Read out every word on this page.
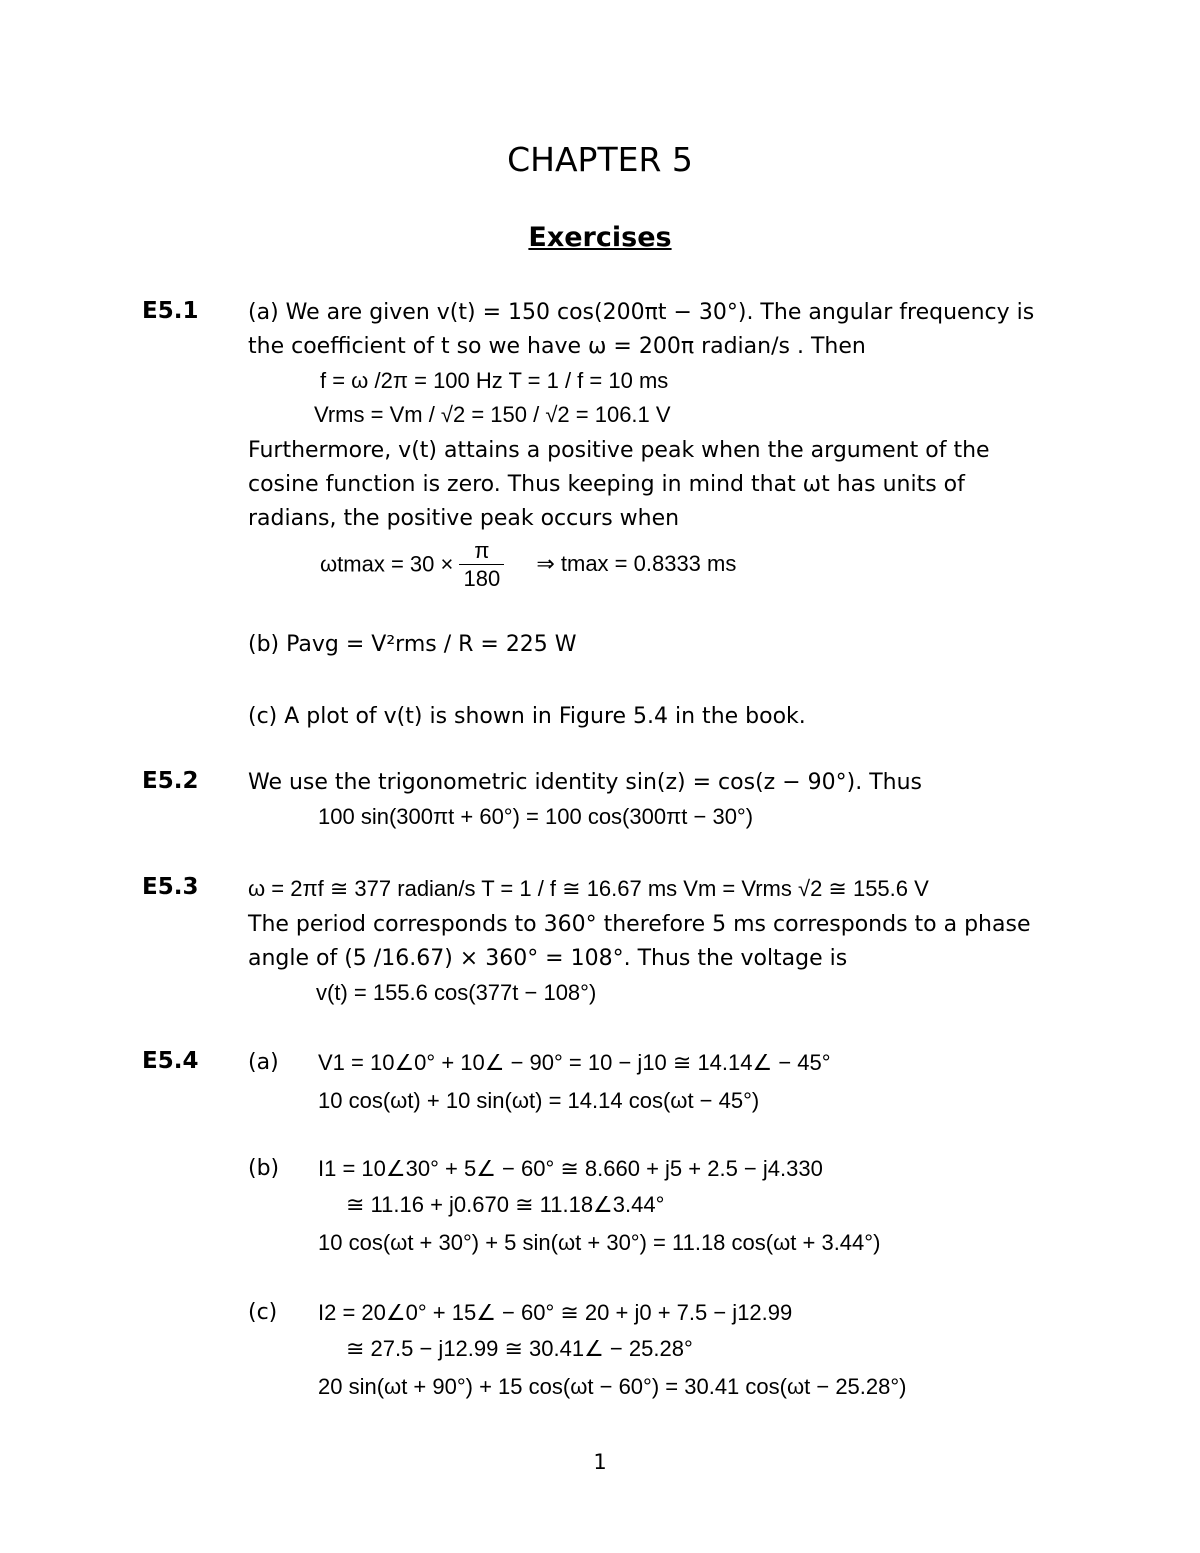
CHAPTER 5
Exercises
E5.1 (a) We are given v(t) = 150 cos(200πt − 30°). The angular frequency is
the coefficient of t so we have ω = 200π radian/s . Then
f = ω /2π = 100 Hz T = 1 / f = 10 ms
Vrms = Vm / √2 = 150 / √2 = 106.1 V
Furthermore, v(t) attains a positive peak when the argument of the
cosine function is zero. Thus keeping in mind that ωt has units of
radians, the positive peak occurs when
$\omega tmax = 30 \times \frac{\pi}{180}$ ⇒ tmax = 0.8333 ms
(b) Pavg = V²rms / R = 225 W
(c) A plot of v(t) is shown in Figure 5.4 in the book.
E5.2 We use the trigonometric identity sin(z) = cos(z − 90°). Thus
100 sin(300πt + 60°) = 100 cos(300πt − 30°)
E5.3 ω = 2πf ≅ 377 radian/s T = 1 / f ≅ 16.67 ms Vm = Vrms √2 ≅ 155.6 V
The period corresponds to 360° therefore 5 ms corresponds to a phase
angle of (5 /16.67) × 360° = 108°. Thus the voltage is
v(t) = 155.6 cos(377t − 108°)
E5.4 (a) V1 = 10∠0° + 10∠ − 90° = 10 − j10 ≅ 14.14∠ − 45°
10 cos(ωt) + 10 sin(ωt) = 14.14 cos(ωt − 45°)
(b) I1 = 10∠30° + 5∠ − 60° ≅ 8.660 + j5 + 2.5 − j4.330
≅ 11.16 + j0.670 ≅ 11.18∠3.44°
10 cos(ωt + 30°) + 5 sin(ωt + 30°) = 11.18 cos(ωt + 3.44°)
(c) I2 = 20∠0° + 15∠ − 60° ≅ 20 + j0 + 7.5 − j12.99
≅ 27.5 − j12.99 ≅ 30.41∠ − 25.28°
20 sin(ωt + 90°) + 15 cos(ωt − 60°) = 30.41 cos(ωt − 25.28°)
1
